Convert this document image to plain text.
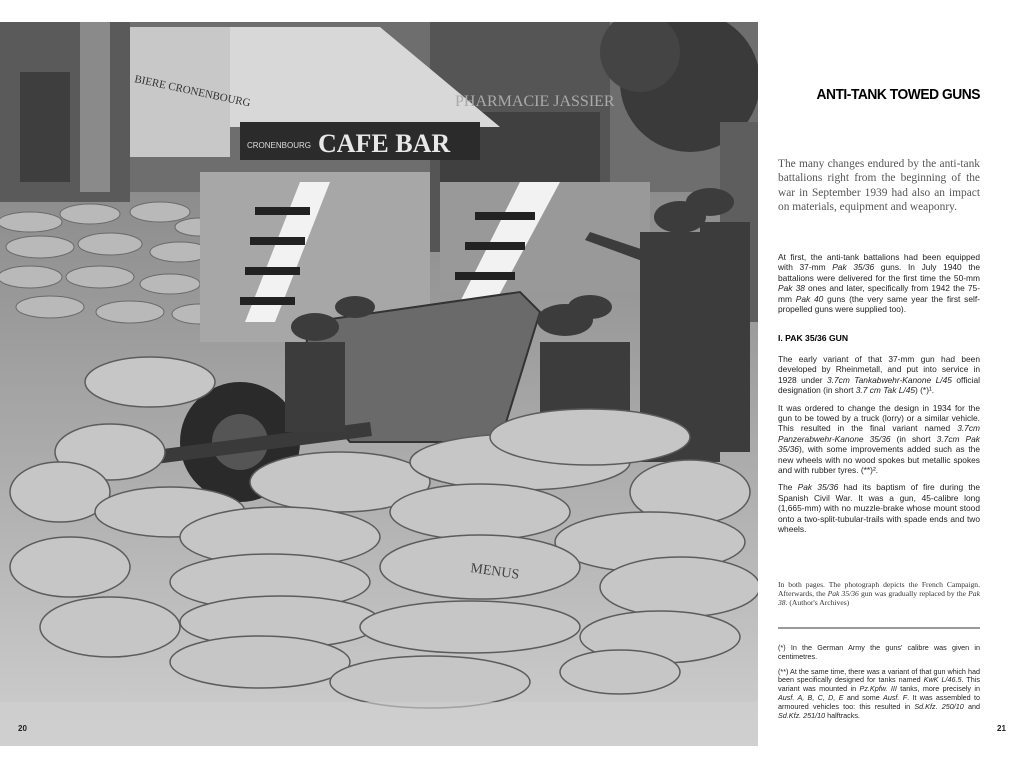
CAFE BAR
CRONENBOURG
PHARMACIE JASSIER
BIERE CRONENBOURG
MENUS
20
ANTI-TANK TOWED GUNS
The many changes endured by the anti-tank battalions right from the beginning of the war in September 1939 had also an impact on materials, equipment and weaponry.

At first, the anti-tank battalions had been equipped with 37-mm Pak 35/36 guns. In July 1940 the battalions were delivered for the first time the 50-mm Pak 38 ones and later, specifically from 1942 the 75-mm Pak 40 guns (the very same year the first self-propelled guns were supplied too).

I. PAK 35/36 GUN

The early variant of that 37-mm gun had been developed by Rheinmetall, and put into service in 1928 under 3.7cm Tankabwehr-Kanone L/45 official designation (in short 3.7 cm Tak L/45) (*)¹.

It was ordered to change the design in 1934 for the gun to be towed by a truck (lorry) or a similar vehicle. This resulted in the final variant named 3.7cm Panzerabwehr-Kanone 35/36 (in short 3.7cm Pak 35/36), with some improvements added such as the new wheels with no wood spokes but metallic spokes and with rubber tyres. (**)².

The Pak 35/36 had its baptism of fire during the Spanish Civil War. It was a gun, 45-calibre long (1,665-mm) with no muzzle-brake whose mount stood onto a two-split-tubular-trails with spade ends and two wheels.

In both pages. The photograph depicts the French Campaign. Afterwards, the Pak 35/36 gun was gradually replaced by the Pak 38. (Author's Archives)

(*) In the German Army the guns' calibre was given in centimetres.

(**) At the same time, there was a variant of that gun which had been specifically designed for tanks named KwK L/46.5. This variant was mounted in Pz.Kpfw. III tanks, more precisely in Ausf. A, B, C, D, E and some Ausf. F. It was assembled to armoured vehicles too: this resulted in Sd.Kfz. 250/10 and Sd.Kfz. 251/10 halftracks.

21
